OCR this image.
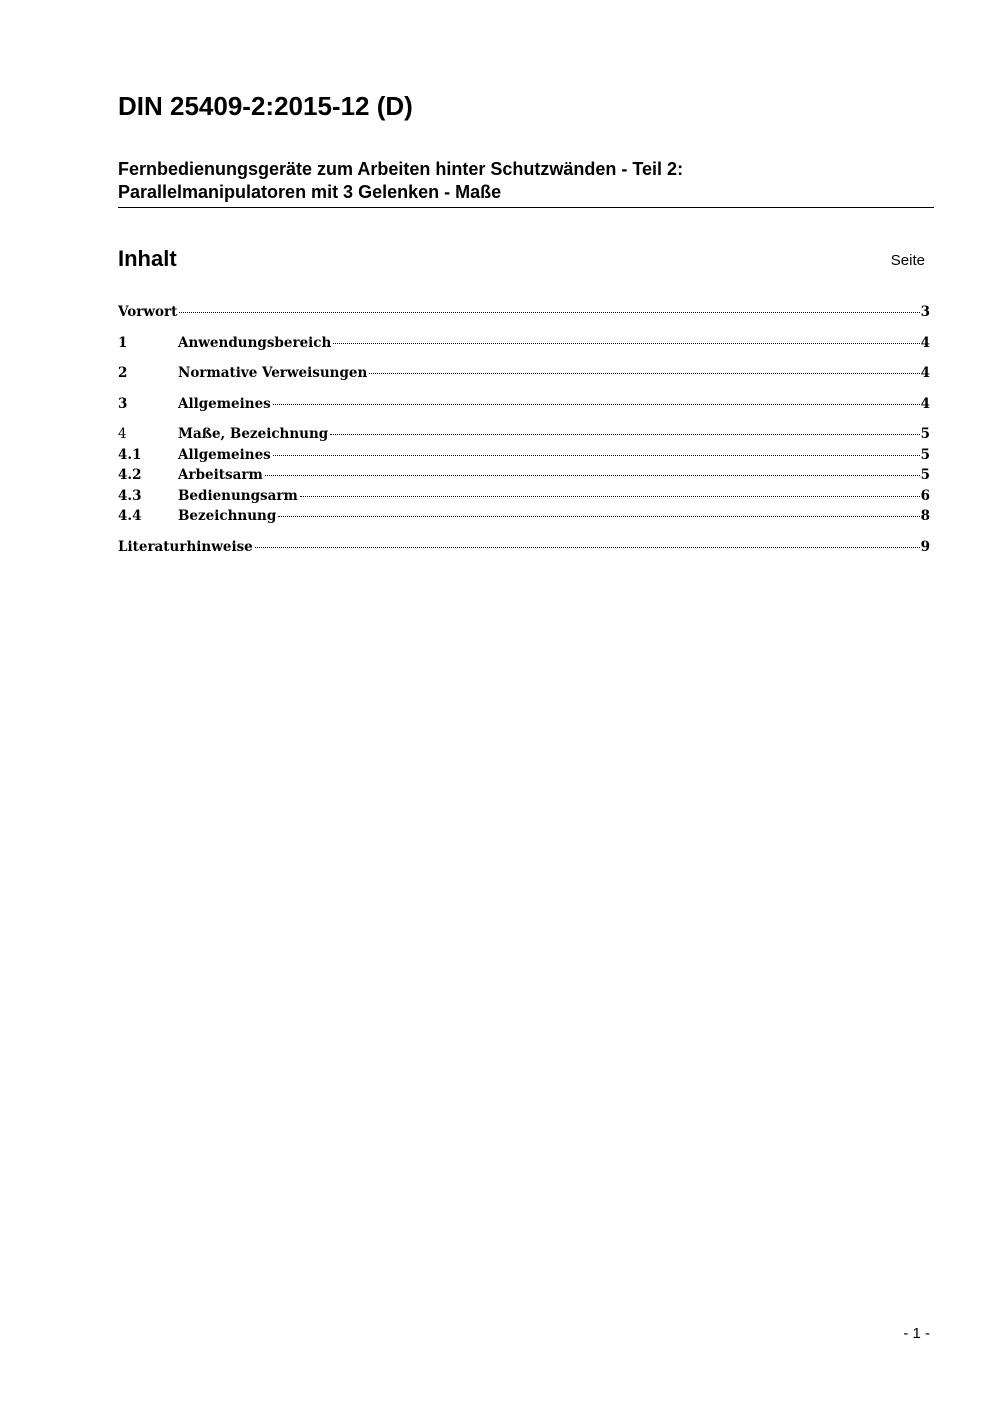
DIN 25409-2:2015-12 (D)
Fernbedienungsgeräte zum Arbeiten hinter Schutzwänden - Teil 2:
Parallelmanipulatoren mit 3 Gelenken - Maße
Inhalt	Seite
Vorwort	3
1	Anwendungsbereich	4
2	Normative Verweisungen	4
3	Allgemeines	4
4	Maße, Bezeichnung	5
4.1	Allgemeines	5
4.2	Arbeitsarm	5
4.3	Bedienungsarm	6
4.4	Bezeichnung	8
Literaturhinweise	9
- 1 -
